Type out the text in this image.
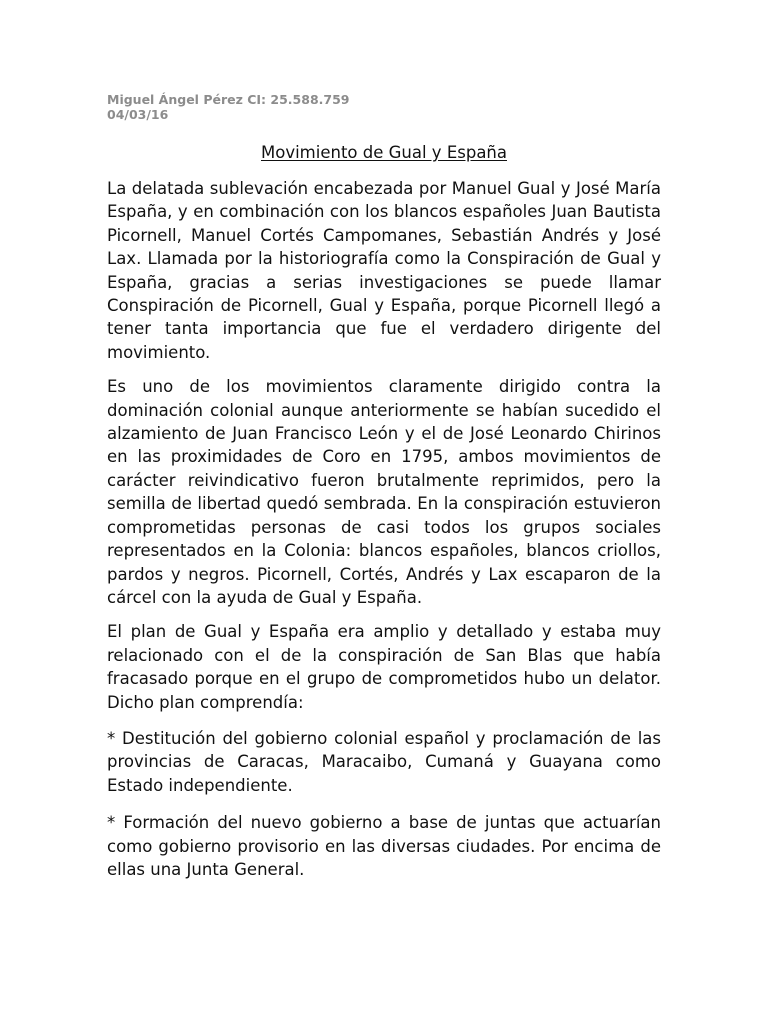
Miguel Ángel Pérez CI: 25.588.759
04/03/16
Movimiento de Gual y España

La delatada sublevación encabezada por Manuel Gual y José María España, y en combinación con los blancos españoles Juan Bautista Picornell, Manuel Cortés Campomanes, Sebastián Andrés y José Lax. Llamada por la historiografía como la Conspiración de Gual y España, gracias a serias investigaciones se puede llamar Conspiración de Picornell, Gual y España, porque Picornell llegó a tener tanta importancia que fue el verdadero dirigente del movimiento.

Es uno de los movimientos claramente dirigido contra la dominación colonial aunque anteriormente se habían sucedido el alzamiento de Juan Francisco León y el de José Leonardo Chirinos en las proximidades de Coro en 1795, ambos movimientos de carácter reivindicativo fueron brutalmente reprimidos, pero la semilla de libertad quedó sembrada. En la conspiración estuvieron comprometidas personas de casi todos los grupos sociales representados en la Colonia: blancos españoles, blancos criollos, pardos y negros. Picornell, Cortés, Andrés y Lax escaparon de la cárcel con la ayuda de Gual y España.

El plan de Gual y España era amplio y detallado y estaba muy relacionado con el de la conspiración de San Blas que había fracasado porque en el grupo de comprometidos hubo un delator. Dicho plan comprendía:

* Destitución del gobierno colonial español y proclamación de las provincias de Caracas, Maracaibo, Cumaná y Guayana como Estado independiente.

* Formación del nuevo gobierno a base de juntas que actuarían como gobierno provisorio en las diversas ciudades. Por encima de ellas una Junta General.
